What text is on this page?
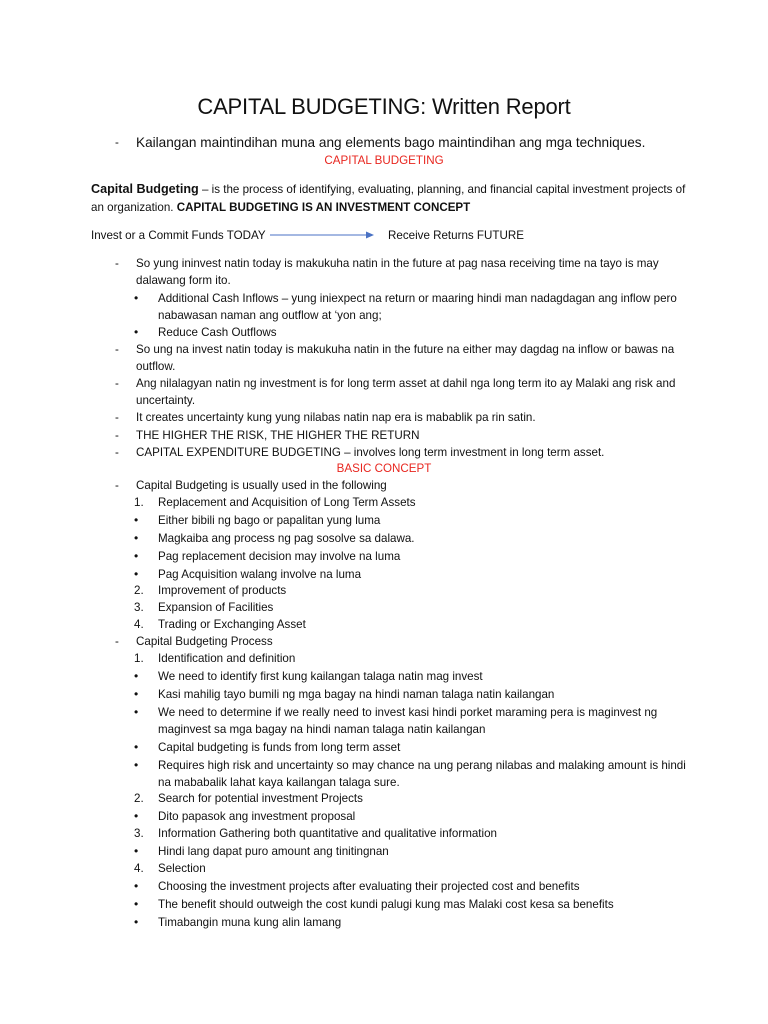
CAPITAL BUDGETING: Written Report
- Kailangan maintindihan muna ang elements bago maintindihan ang mga techniques.
CAPITAL BUDGETING
Capital Budgeting – is the process of identifying, evaluating, planning, and financial capital investment projects of
an organization. CAPITAL BUDGETING IS AN INVESTMENT CONCEPT
Invest or a Commit Funds TODAY	Receive Returns FUTURE
- So yung ininvest natin today is makukuha natin in the future at pag nasa receiving time na tayo is may
dalawang form ito.
• Additional Cash Inflows – yung iniexpect na return or maaring hindi man nadagdagan ang inflow pero
nabawasan naman ang outflow at ‘yon ang;
• Reduce Cash Outflows
- So ung na invest natin today is makukuha natin in the future na either may dagdag na inflow or bawas na
outflow.
- Ang nilalagyan natin ng investment is for long term asset at dahil nga long term ito ay Malaki ang risk and
uncertainty.
- It creates uncertainty kung yung nilabas natin nap era is mabablik pa rin satin.
- THE HIGHER THE RISK, THE HIGHER THE RETURN
- CAPITAL EXPENDITURE BUDGETING – involves long term investment in long term asset.
BASIC CONCEPT
- Capital Budgeting is usually used in the following
1. Replacement and Acquisition of Long Term Assets
• Either bibili ng bago or papalitan yung luma
• Magkaiba ang process ng pag sosolve sa dalawa.
• Pag replacement decision may involve na luma
• Pag Acquisition walang involve na luma
2. Improvement of products
3. Expansion of Facilities
4. Trading or Exchanging Asset
- Capital Budgeting Process
1. Identification and definition
• We need to identify first kung kailangan talaga natin mag invest
• Kasi mahilig tayo bumili ng mga bagay na hindi naman talaga natin kailangan
• We need to determine if we really need to invest kasi hindi porket maraming pera is maginvest ng
maginvest sa mga bagay na hindi naman talaga natin kailangan
• Capital budgeting is funds from long term asset
• Requires high risk and uncertainty so may chance na ung perang nilabas and malaking amount is hindi
na mababalik lahat kaya kailangan talaga sure.
2. Search for potential investment Projects
• Dito papasok ang investment proposal
3. Information Gathering both quantitative and qualitative information
• Hindi lang dapat puro amount ang tinitingnan
4. Selection
• Choosing the investment projects after evaluating their projected cost and benefits
• The benefit should outweigh the cost kundi palugi kung mas Malaki cost kesa sa benefits
• Timabangin muna kung alin lamang
